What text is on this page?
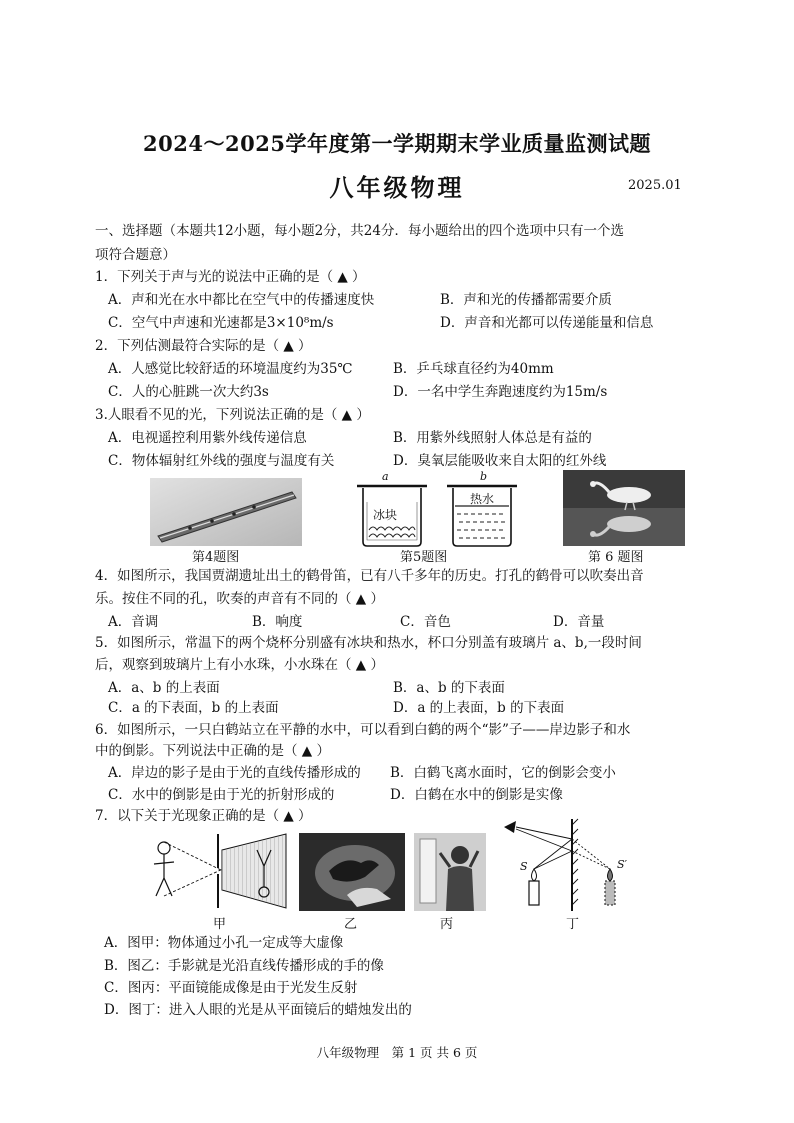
2024～2025学年度第一学期期末学业质量监测试题
八年级物理	2025.01
一、选择题（本题共12小题，每小题2分，共24分．每小题给出的四个选项中只有一个选
项符合题意）
1．下列关于声与光的说法中正确的是（ ▲ ）
A．声和光在水中都比在空气中的传播速度快	B．声和光的传播都需要介质
C．空气中声速和光速都是3×10⁸m/s	D．声音和光都可以传递能量和信息
2．下列估测最符合实际的是（ ▲ ）
A．人感觉比较舒适的环境温度约为35℃	B．乒乓球直径约为40mm
C．人的心脏跳一次大约3s	D．一名中学生奔跑速度约为15m/s
3.人眼看不见的光，下列说法正确的是（ ▲ ）
A．电视遥控利用紫外线传递信息	B．用紫外线照射人体总是有益的
C．物体辐射红外线的强度与温度有关	D．臭氧层能吸收来自太阳的红外线
第4题图
a	b
冰块
热水
第5题图	第 6 题图
4．如图所示，我国贾湖遗址出土的鹤骨笛，已有八千多年的历史。打孔的鹤骨可以吹奏出音
乐。按住不同的孔，吹奏的声音有不同的（ ▲ ）
A．音调	B．响度	C．音色	D．音量
5．如图所示，常温下的两个烧杯分别盛有冰块和热水，杯口分别盖有玻璃片 a、b,一段时间
后，观察到玻璃片上有小水珠，小水珠在（ ▲ ）
A．a、b 的上表面	B．a、b 的下表面
C．a 的下表面，b 的上表面	D．a 的上表面，b 的下表面
6．如图所示，一只白鹤站立在平静的水中，可以看到白鹤的两个“影”子——岸边影子和水
中的倒影。下列说法中正确的是（ ▲ ）
A．岸边的影子是由于光的直线传播形成的 B．白鹤飞离水面时，它的倒影会变小
C．水中的倒影是由于光的折射形成的	D．白鹤在水中的倒影是实像
7．以下关于光现象正确的是（ ▲ ）
甲	乙	丙
S	S′
丁
A．图甲：物体通过小孔一定成等大虚像
B．图乙：手影就是光沿直线传播形成的手的像
C．图丙：平面镜能成像是由于光发生反射
D．图丁：进入人眼的光是从平面镜后的蜡烛发出的
八年级物理　第 1 页 共 6 页
